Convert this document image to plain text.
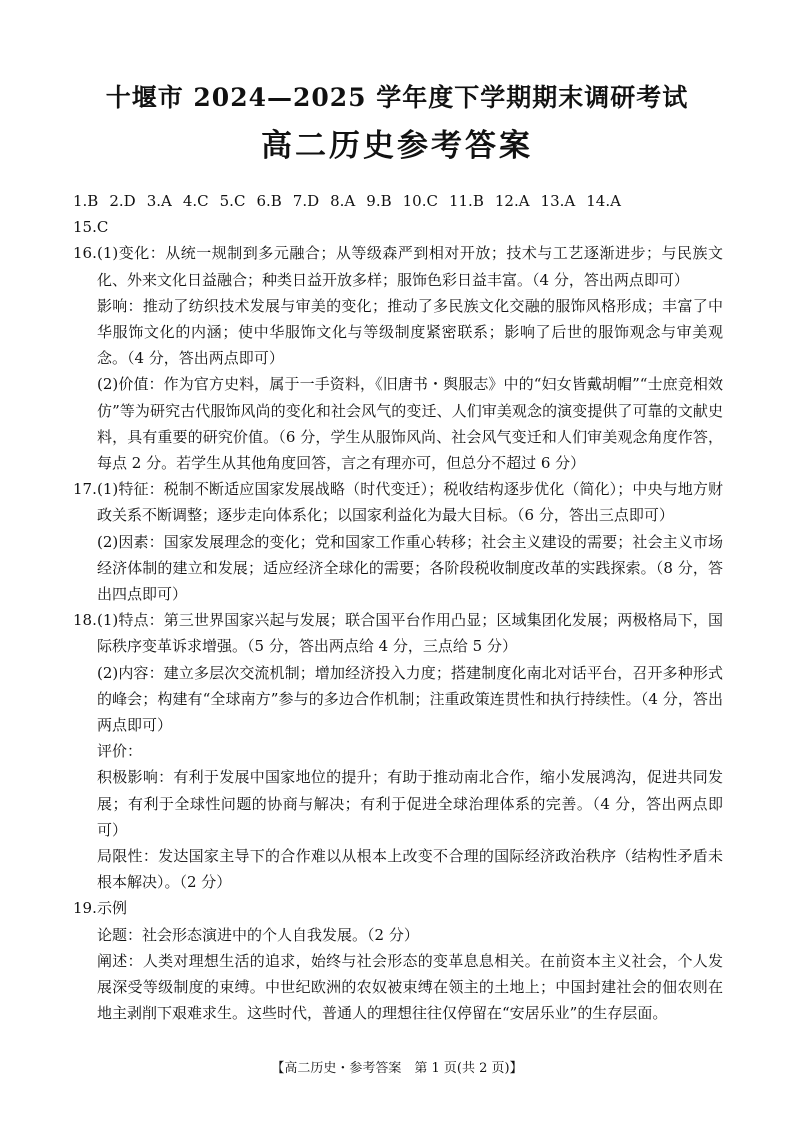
十堰市 2024—2025 学年度下学期期末调研考试
高二历史参考答案

1.B 2.D 3.A 4.C 5.C 6.B 7.D 8.A 9.B 10.C 11.B 12.A 13.A 14.A

15.C

16. (1)变化：从统一规制到多元融合；从等级森严到相对开放；技术与工艺逐渐进步；与民族文化、外来文化日益融合；种类日益开放多样；服饰色彩日益丰富。（4 分，答出两点即可）

影响：推动了纺织技术发展与审美的变化；推动了多民族文化交融的服饰风格形成；丰富了中华服饰文化的内涵；使中华服饰文化与等级制度紧密联系；影响了后世的服饰观念与审美观念。（4 分，答出两点即可）

(2)价值：作为官方史料，属于一手资料，《旧唐书・舆服志》中的“妇女皆戴胡帽”“士庶竞相效仿”等为研究古代服饰风尚的变化和社会风气的变迁、人们审美观念的演变提供了可靠的文献史料，具有重要的研究价值。（6 分，学生从服饰风尚、社会风气变迁和人们审美观念角度作答，每点 2 分。若学生从其他角度回答，言之有理亦可，但总分不超过 6 分）

17. (1)特征：税制不断适应国家发展战略（时代变迁）；税收结构逐步优化（简化）；中央与地方财政关系不断调整；逐步走向体系化；以国家利益化为最大目标。（6 分，答出三点即可）

(2)因素：国家发展理念的变化；党和国家工作重心转移；社会主义建设的需要；社会主义市场经济体制的建立和发展；适应经济全球化的需要；各阶段税收制度改革的实践探索。（8 分，答出四点即可）

18. (1)特点：第三世界国家兴起与发展；联合国平台作用凸显；区域集团化发展；两极格局下，国际秩序变革诉求增强。（5 分，答出两点给 4 分，三点给 5 分）

(2)内容：建立多层次交流机制；增加经济投入力度；搭建制度化南北对话平台，召开多种形式的峰会；构建有“全球南方”参与的多边合作机制；注重政策连贯性和执行持续性。（4 分，答出两点即可）

评价：

积极影响：有利于发展中国家地位的提升；有助于推动南北合作，缩小发展鸿沟，促进共同发展；有利于全球性问题的协商与解决；有利于促进全球治理体系的完善。（4 分，答出两点即可）

局限性：发达国家主导下的合作难以从根本上改变不合理的国际经济政治秩序（结构性矛盾未根本解决）。（2 分）

19. 示例

论题：社会形态演进中的个人自我发展。（2 分）

阐述：人类对理想生活的追求，始终与社会形态的变革息息相关。在前资本主义社会，个人发展深受等级制度的束缚。中世纪欧洲的农奴被束缚在领主的土地上；中国封建社会的佃农则在地主剥削下艰难求生。这些时代，普通人的理想往往仅停留在“安居乐业”的生存层面。

【高二历史・参考答案　第 1 页(共 2 页)】
